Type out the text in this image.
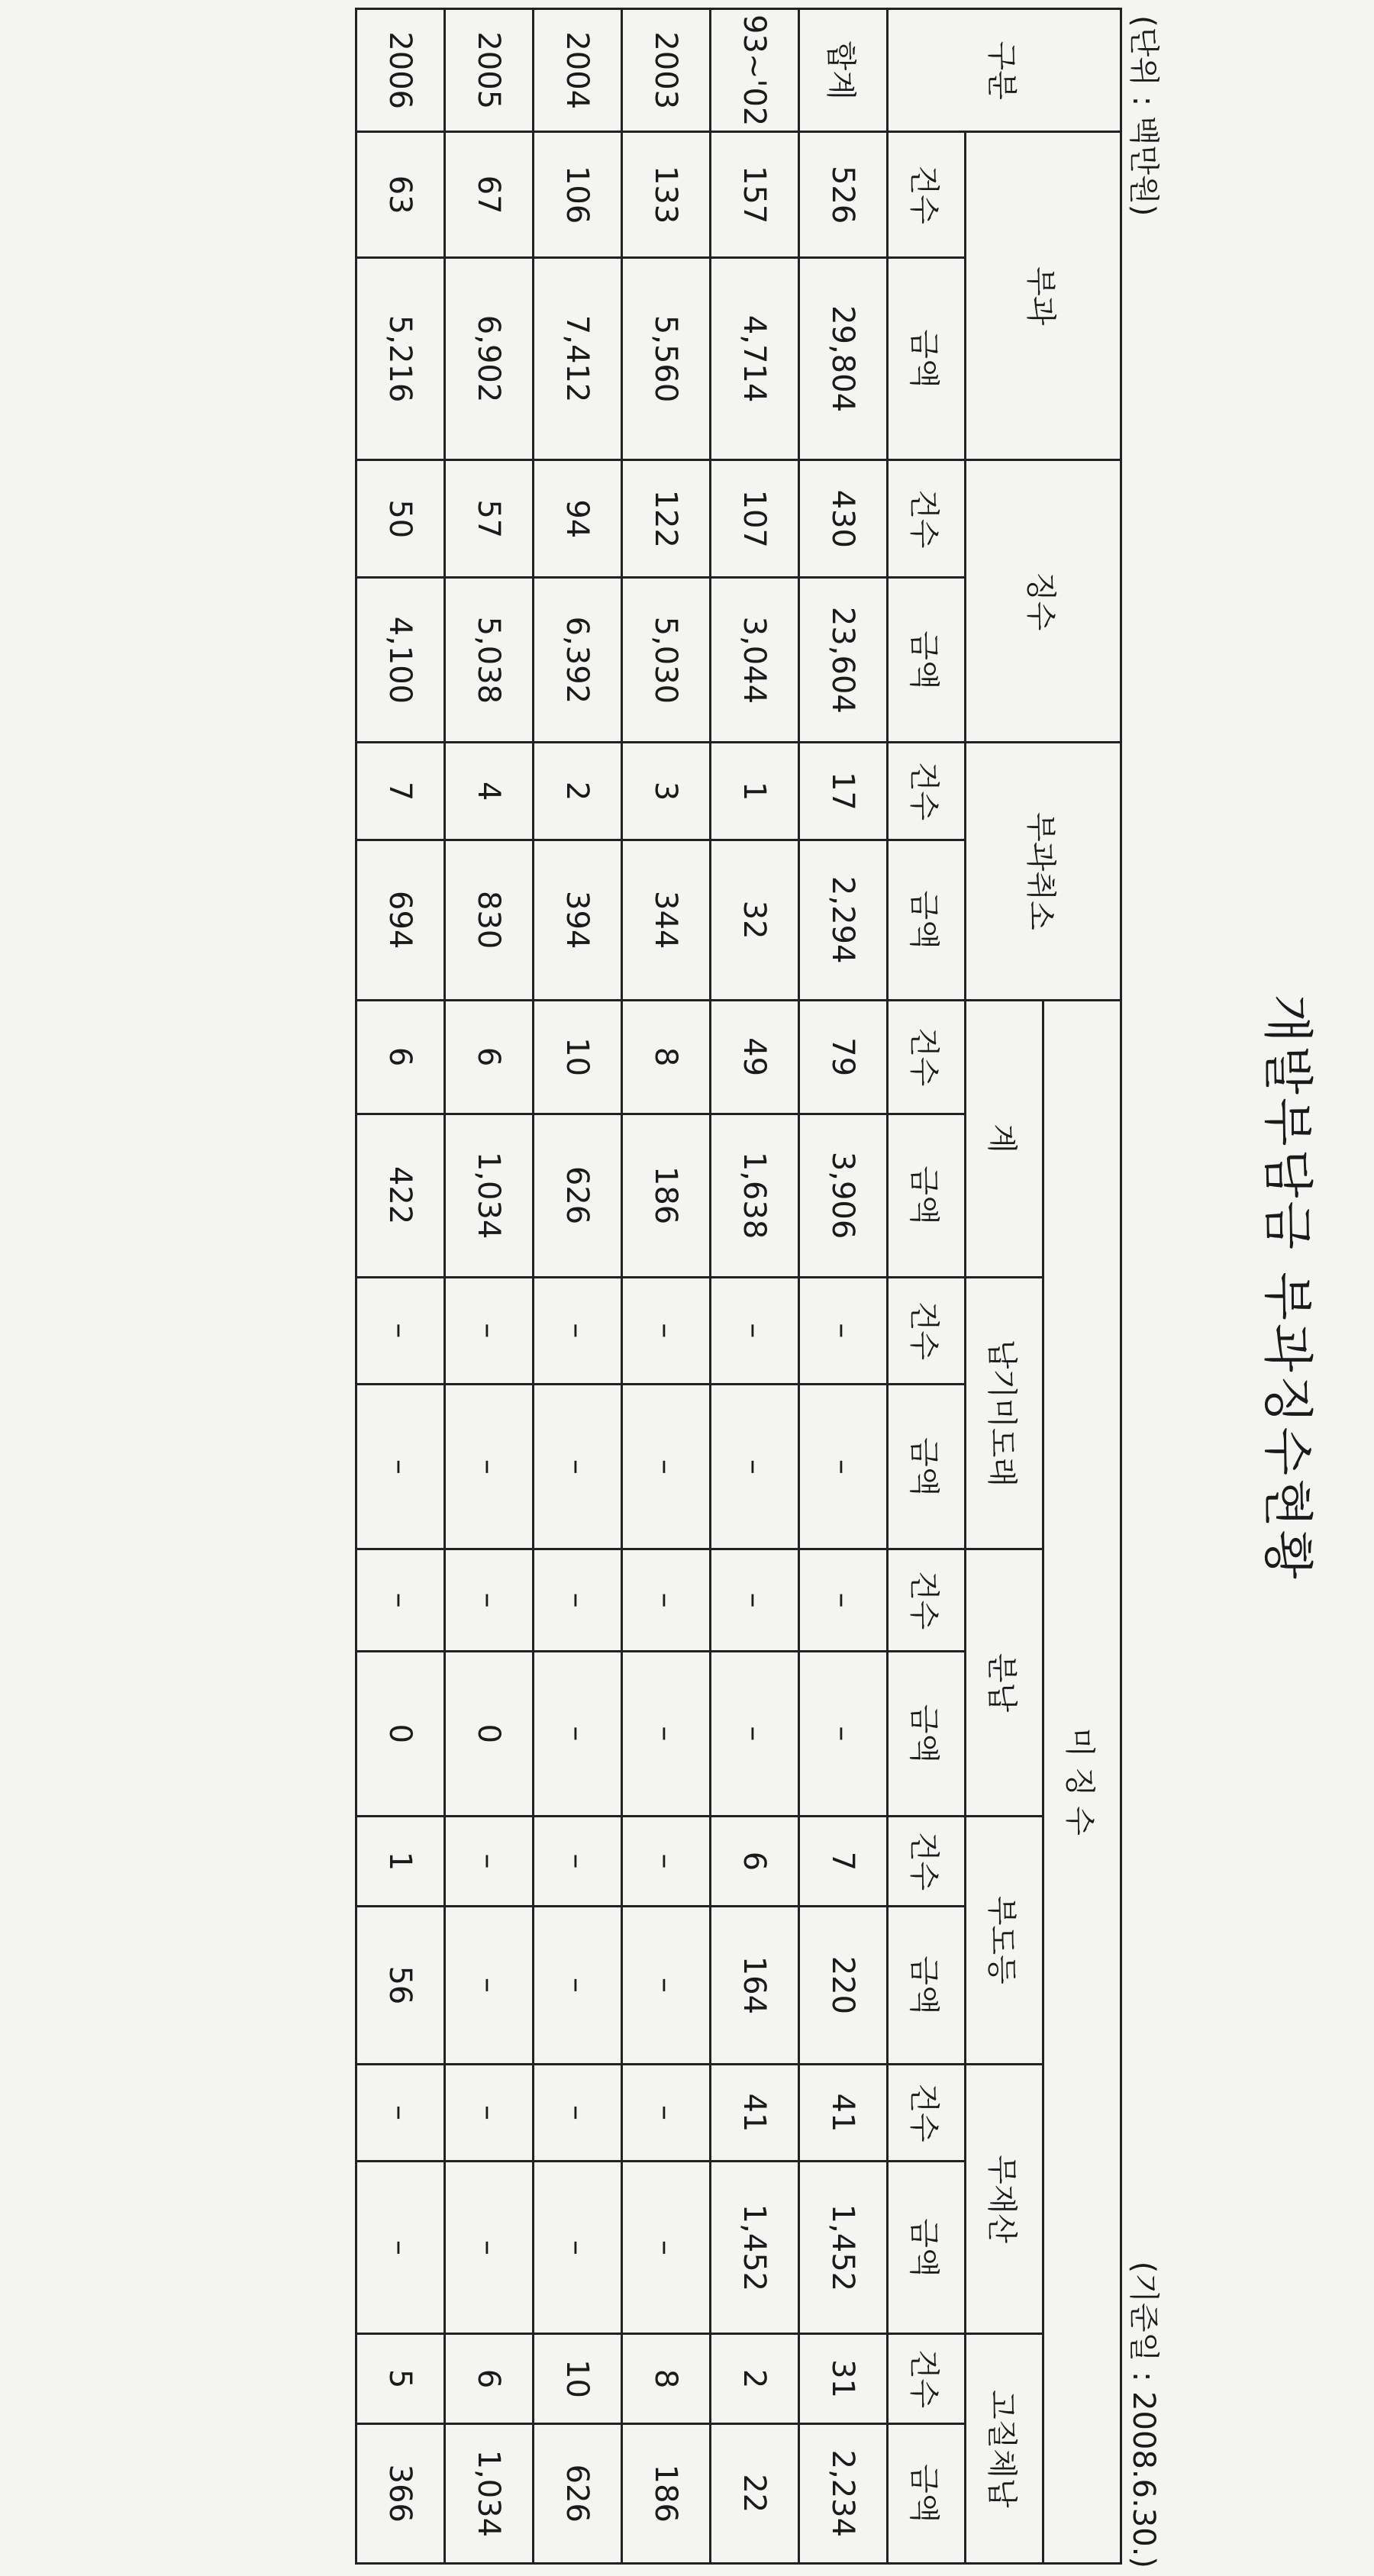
개발부담금 부과징수현황
(단위 : 백만원)
(기준일 : 2008.6.30.)
구분	부과		징수		부과취소		미 징 수											
							계		납기미도래		분납		부도등		무재산		고질체납	
	건수	금액	건수	금액	건수	금액	건수	금액	건수	금액	건수	금액	건수	금액	건수	금액	건수	금액
합계	526	29,804	430	23,604	17	2,294	79	3,906	–	–	–	–	7	220	41	1,452	31	2,234
93~'02	157	4,714	107	3,044	1	32	49	1,638	–	–	–	–	6	164	41	1,452	2	22
2003	133	5,560	122	5,030	3	344	8	186	–	–	–	–	–	–	–	–	8	186
2004	106	7,412	94	6,392	2	394	10	626	–	–	–	–	–	–	–	–	10	626
2005	67	6,902	57	5,038	4	830	6	1,034	–	–	–	0	–	–	–	–	6	1,034
2006	63	5,216	50	4,100	7	694	6	422	–	–	–	0	1	56	–	–	5	366
